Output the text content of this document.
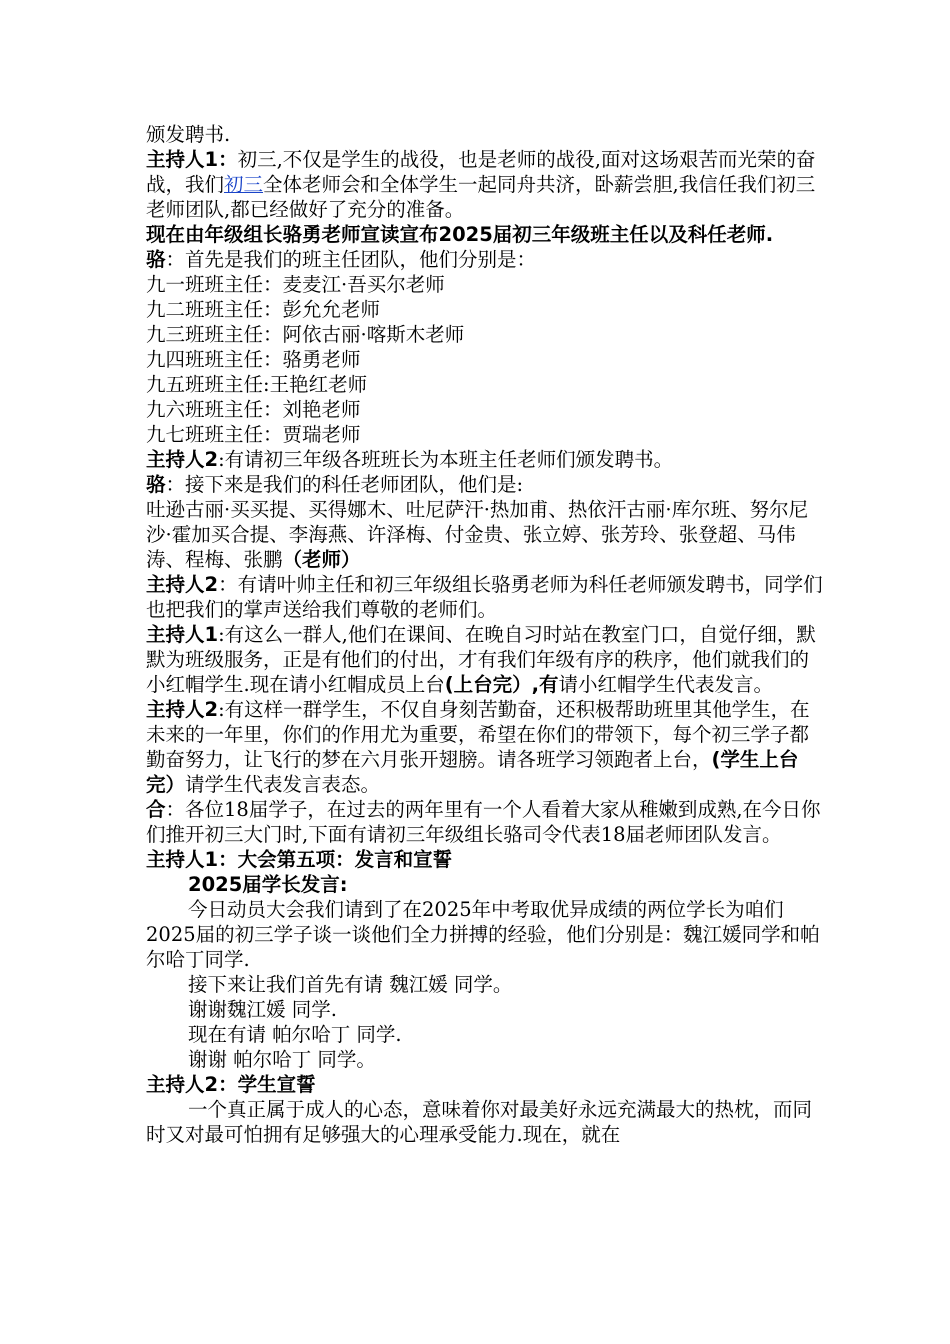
颁发聘书.

主持人1：初三,不仅是学生的战役，也是老师的战役,面对这场艰苦而光荣的奋战，我们初三全体老师会和全体学生一起同舟共济，卧薪尝胆,我信任我们初三老师团队,都已经做好了充分的准备。

现在由年级组长骆勇老师宣读宣布2025届初三年级班主任以及科任老师.

骆：首先是我们的班主任团队，他们分别是：

九一班班主任：麦麦江·吾买尔老师

九二班班主任：彭允允老师

九三班班主任：阿依古丽·喀斯木老师

九四班班主任：骆勇老师

九五班班主任:王艳红老师

九六班班主任：刘艳老师

九七班班主任：贾瑞老师

主持人2:有请初三年级各班班长为本班主任老师们颁发聘书。

骆：接下来是我们的科任老师团队，他们是:

吐逊古丽·买买提、买得娜木、吐尼萨汗·热加甫、热依汗古丽·库尔班、努尔尼沙·霍加买合提、李海燕、许泽梅、付金贵、张立婷、张芳玲、张登超、马伟涛、程梅、张鹏（老师）

主持人2：有请叶帅主任和初三年级组长骆勇老师为科任老师颁发聘书，同学们也把我们的掌声送给我们尊敬的老师们。

主持人1:有这么一群人,他们在课间、在晚自习时站在教室门口，自觉仔细，默默为班级服务，正是有他们的付出，才有我们年级有序的秩序，他们就我们的小红帽学生.现在请小红帽成员上台(上台完）,有请小红帽学生代表发言。

主持人2:有这样一群学生，不仅自身刻苦勤奋，还积极帮助班里其他学生，在未来的一年里，你们的作用尤为重要，希望在你们的带领下，每个初三学子都勤奋努力，让飞行的梦在六月张开翅膀。请各班学习领跑者上台，(学生上台完）请学生代表发言表态。

合：各位18届学子，在过去的两年里有一个人看着大家从稚嫩到成熟,在今日你们推开初三大门时,下面有请初三年级组长骆司令代表18届老师团队发言。

主持人1：大会第五项：发言和宣誓

2025届学长发言:

今日动员大会我们请到了在2025年中考取优异成绩的两位学长为咱们2025届的初三学子谈一谈他们全力拼搏的经验，他们分别是：魏江媛同学和帕尔哈丁同学.

接下来让我们首先有请 魏江媛 同学。

谢谢魏江媛 同学.

现在有请 帕尔哈丁 同学.

谢谢 帕尔哈丁 同学。

主持人2：学生宣誓

一个真正属于成人的心态，意味着你对最美好永远充满最大的热枕，而同时又对最可怕拥有足够强大的心理承受能力.现在，就在
